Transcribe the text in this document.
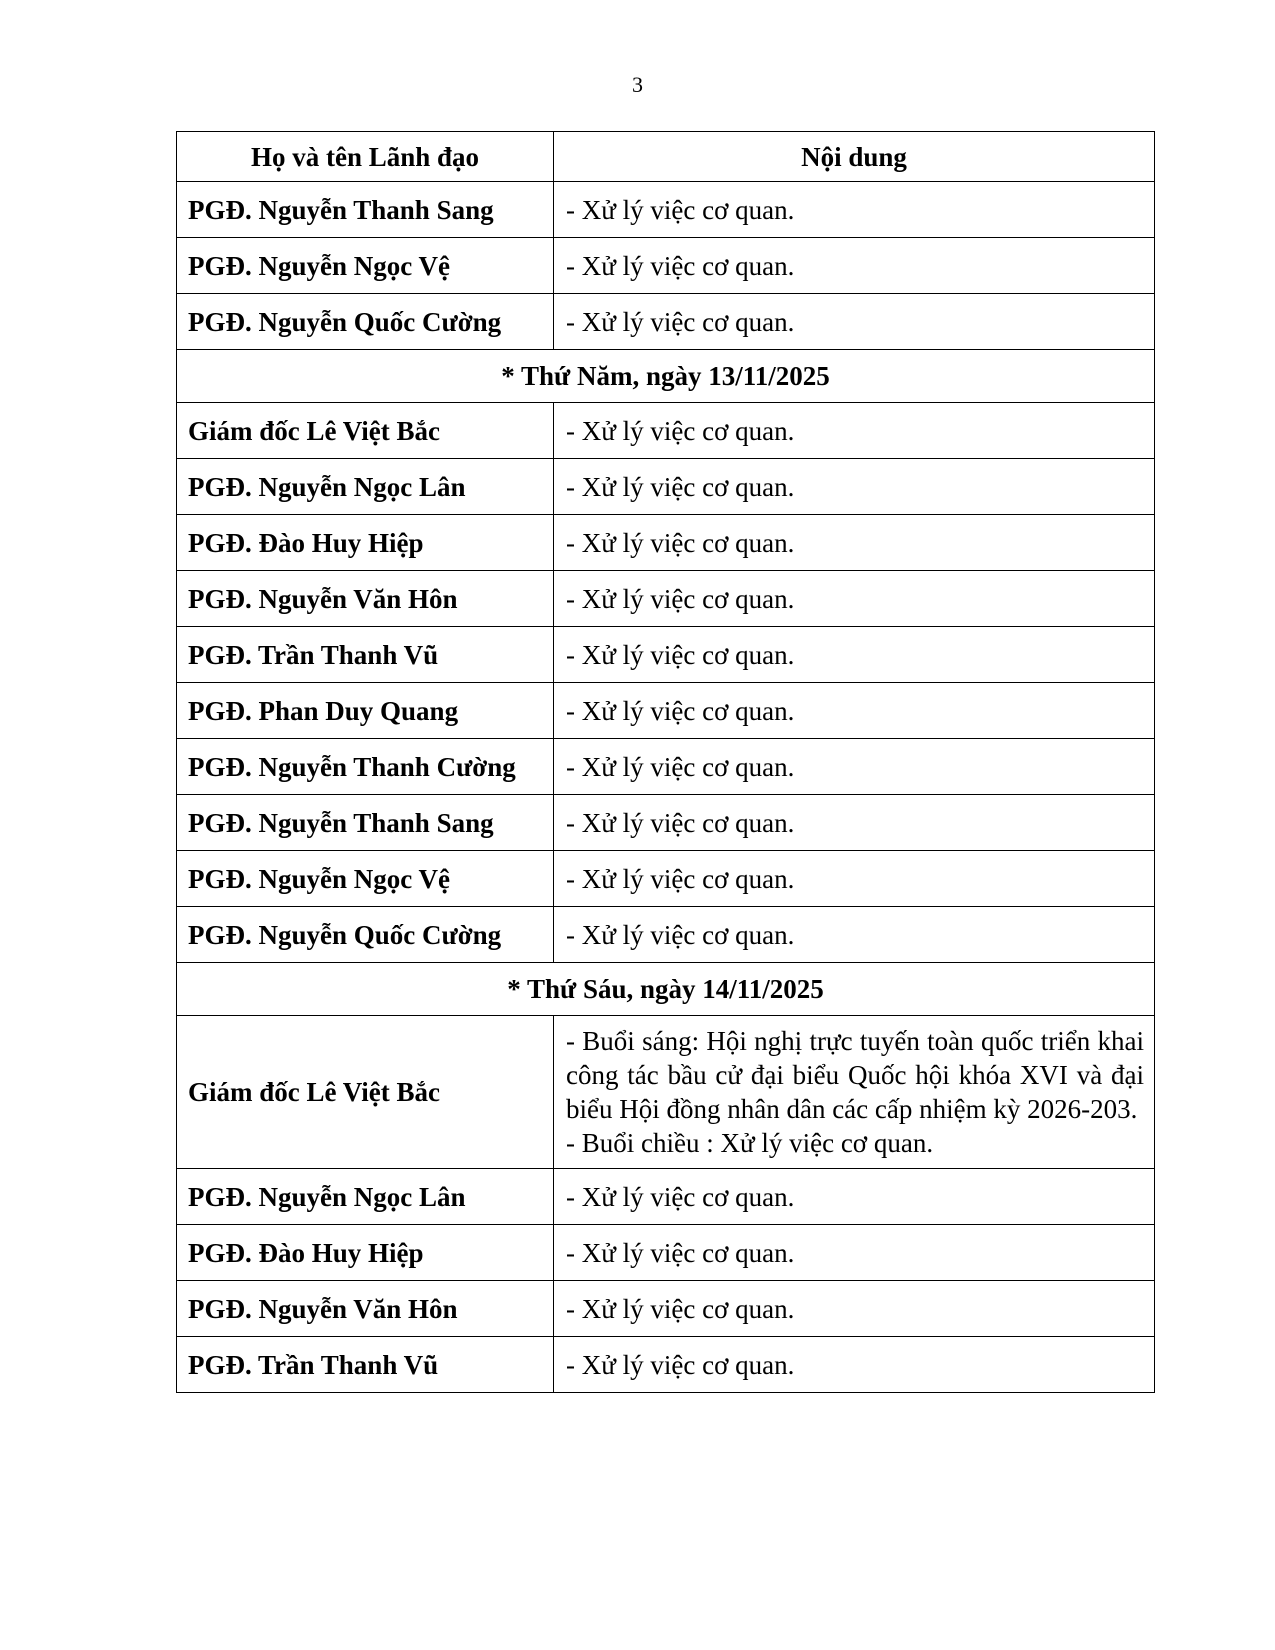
3
Họ và tên Lãnh đạo	Nội dung
PGĐ. Nguyễn Thanh Sang	- Xử lý việc cơ quan.
PGĐ. Nguyễn Ngọc Vệ	- Xử lý việc cơ quan.
PGĐ. Nguyễn Quốc Cường	- Xử lý việc cơ quan.
* Thứ Năm, ngày 13/11/2025	
Giám đốc Lê Việt Bắc	- Xử lý việc cơ quan.
PGĐ. Nguyễn Ngọc Lân	- Xử lý việc cơ quan.
PGĐ. Đào Huy Hiệp	- Xử lý việc cơ quan.
PGĐ. Nguyễn Văn Hôn	- Xử lý việc cơ quan.
PGĐ. Trần Thanh Vũ	- Xử lý việc cơ quan.
PGĐ. Phan Duy Quang	- Xử lý việc cơ quan.
PGĐ. Nguyễn Thanh Cường	- Xử lý việc cơ quan.
PGĐ. Nguyễn Thanh Sang	- Xử lý việc cơ quan.
PGĐ. Nguyễn Ngọc Vệ	- Xử lý việc cơ quan.
PGĐ. Nguyễn Quốc Cường	- Xử lý việc cơ quan.
* Thứ Sáu, ngày 14/11/2025	
Giám đốc Lê Việt Bắc	- Buổi sáng: Hội nghị trực tuyến toàn quốc triển khai công tác bầu cử đại biểu Quốc hội khóa XVI và đại biểu Hội đồng nhân dân các cấp nhiệm kỳ 2026-203.
- Buổi chiều : Xử lý việc cơ quan.

PGĐ. Nguyễn Ngọc Lân	- Xử lý việc cơ quan.
PGĐ. Đào Huy Hiệp	- Xử lý việc cơ quan.
PGĐ. Nguyễn Văn Hôn	- Xử lý việc cơ quan.
PGĐ. Trần Thanh Vũ	- Xử lý việc cơ quan.
